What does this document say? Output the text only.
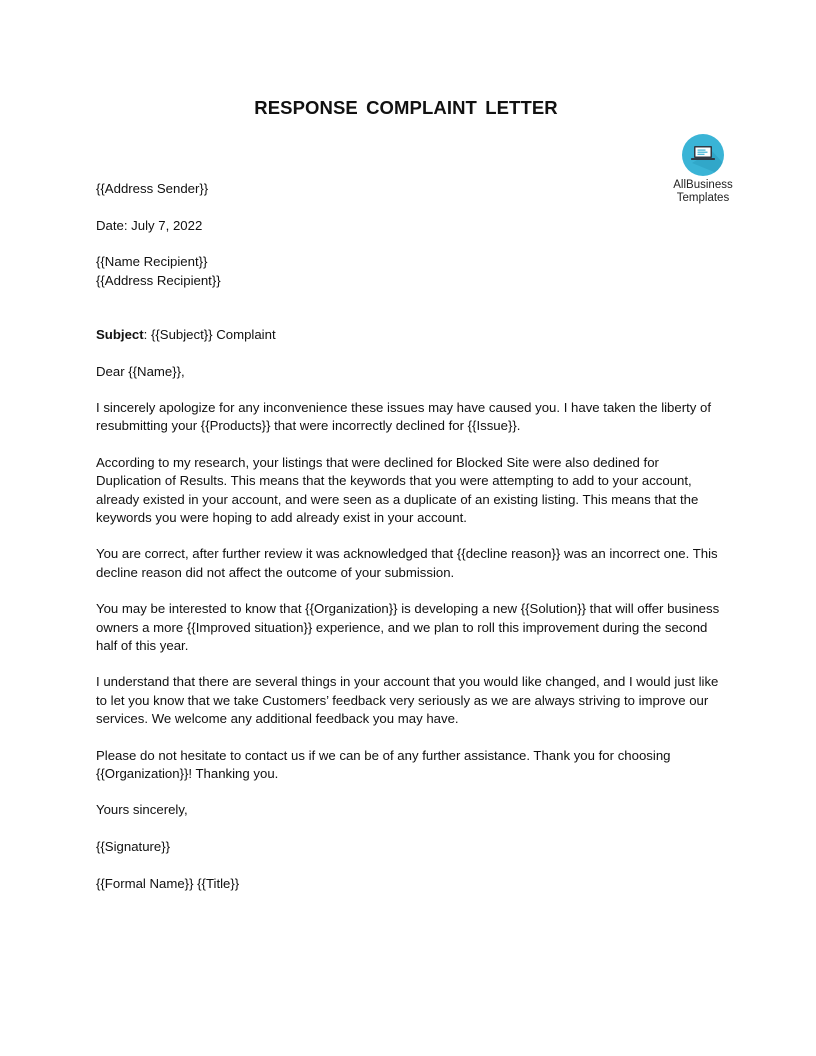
RESPONSE COMPLAINT LETTER
AllBusiness
Templates

{{Address Sender}}

Date: July 7, 2022

{{Name Recipient}}

{{Address Recipient}}

Subject: {{Subject}} Complaint

Dear {{Name}},

I sincerely apologize for any inconvenience these issues may have caused you. I have taken the liberty of resubmitting your {{Products}} that were incorrectly declined for {{Issue}}.

According to my research, your listings that were declined for Blocked Site were also dedined for Duplication of Results. This means that the keywords that you were attempting to add to your account, already existed in your account, and were seen as a duplicate of an existing listing. This means that the keywords you were hoping to add already exist in your account.

You are correct, after further review it was acknowledged that {{decline reason}} was an incorrect one. This decline reason did not affect the outcome of your submission.

You may be interested to know that {{Organization}} is developing a new {{Solution}} that will offer business owners a more {{Improved situation}} experience, and we plan to roll this improvement during the second half of this year.

I understand that there are several things in your account that you would like changed, and I would just like to let you know that we take Customers’ feedback very seriously as we are always striving to improve our services. We welcome any additional feedback you may have.

Please do not hesitate to contact us if we can be of any further assistance. Thank you for choosing {{Organization}}! Thanking you.

Yours sincerely,

{{Signature}}

{{Formal Name}} {{Title}}
